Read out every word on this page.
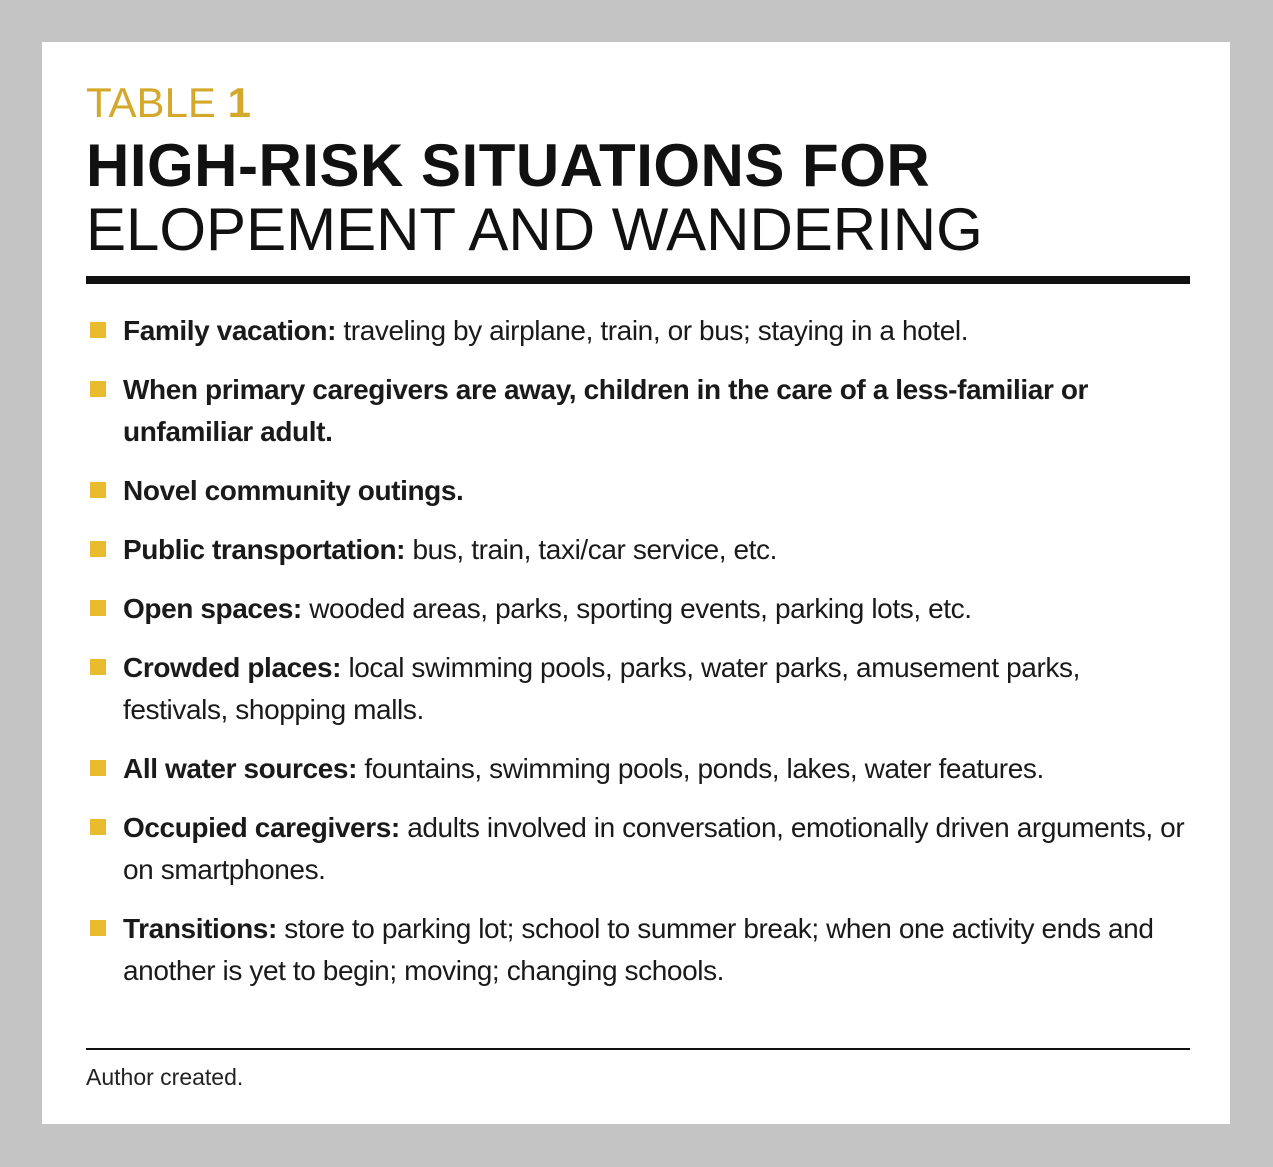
TABLE 1
HIGH-RISK SITUATIONS FOR
ELOPEMENT AND WANDERING
Family vacation: traveling by airplane, train, or bus; staying in a hotel.
When primary caregivers are away, children in the care of a less-familiar or unfamiliar adult.
Novel community outings.
Public transportation: bus, train, taxi/car service, etc.
Open spaces: wooded areas, parks, sporting events, parking lots, etc.
Crowded places: local swimming pools, parks, water parks, amusement parks, festivals, shopping malls.
All water sources: fountains, swimming pools, ponds, lakes, water features.
Occupied caregivers: adults involved in conversation, emotionally driven arguments, or on smartphones.
Transitions: store to parking lot; school to summer break; when one activity ends and another is yet to begin; moving; changing schools.
Author created.
